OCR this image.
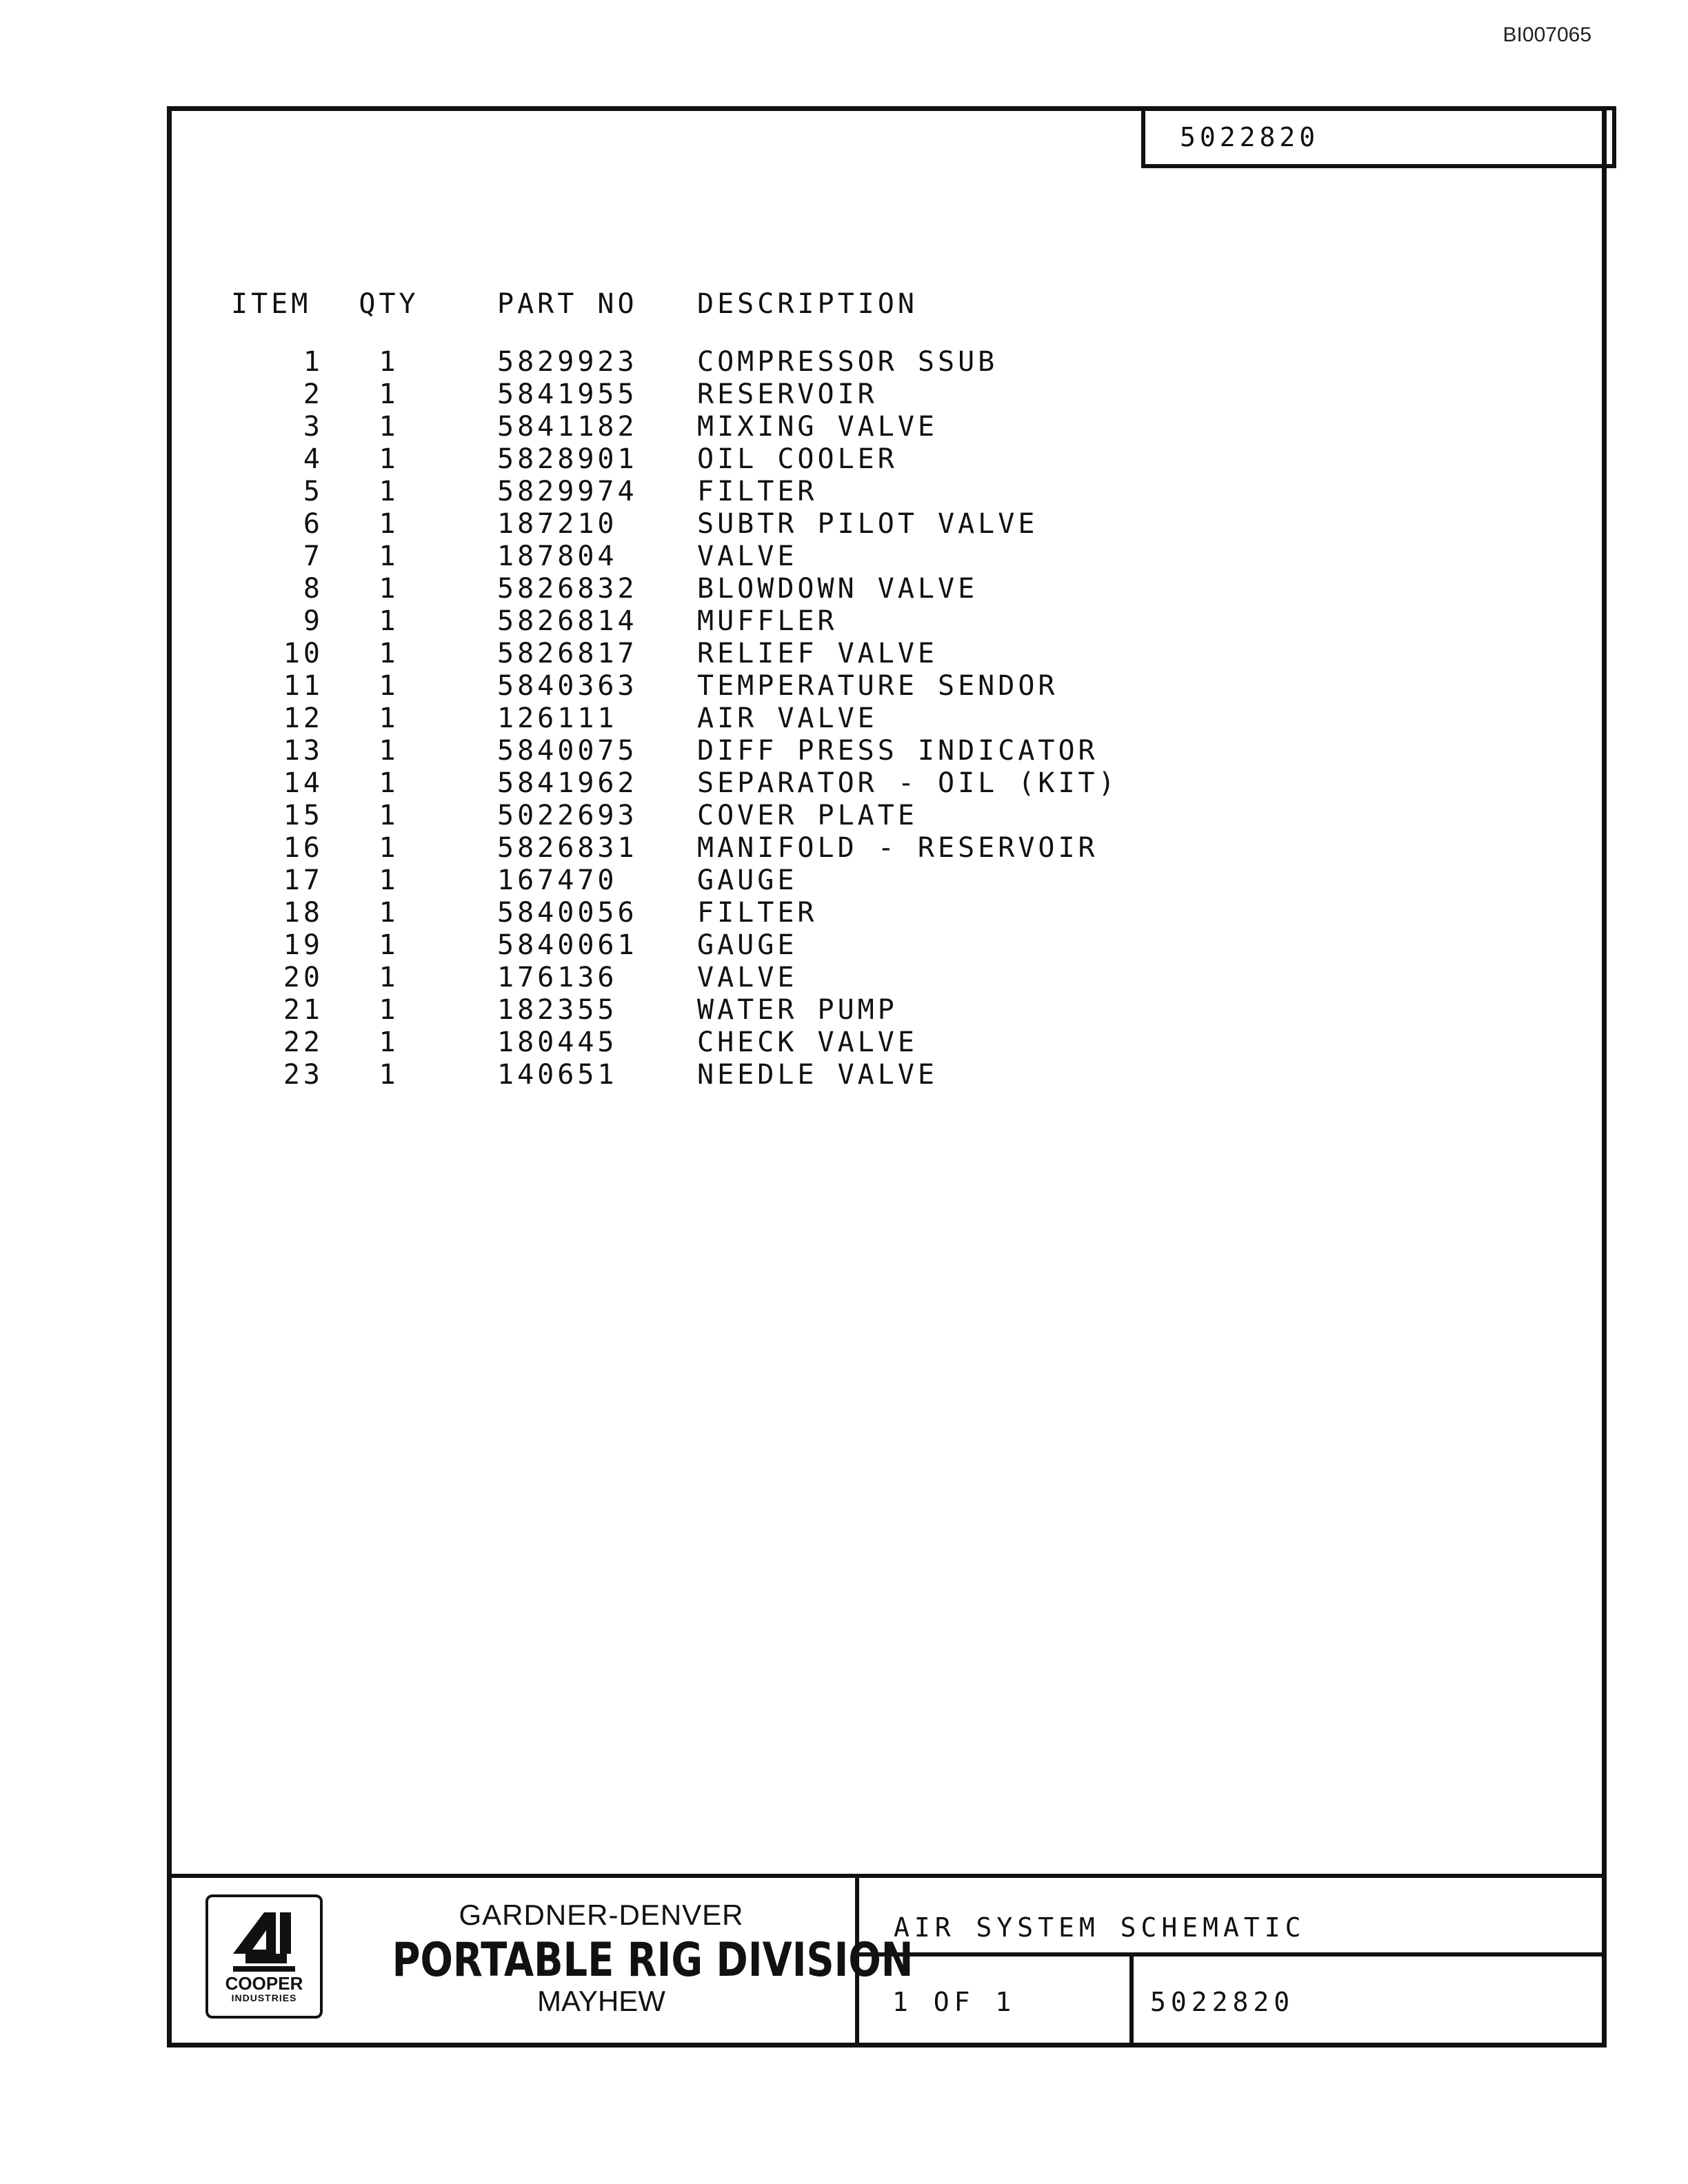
BI007065
5022820
ITEM	QTY	PART NO	DESCRIPTION
1	1	5829923	COMPRESSOR SSUB
2	1	5841955	RESERVOIR
3	1	5841182	MIXING VALVE
4	1	5828901	OIL COOLER
5	1	5829974	FILTER
6	1	187210	SUBTR PILOT VALVE
7	1	187804	VALVE
8	1	5826832	BLOWDOWN VALVE
9	1	5826814	MUFFLER
10	1	5826817	RELIEF VALVE
11	1	5840363	TEMPERATURE SENDOR
12	1	126111	AIR VALVE
13	1	5840075	DIFF PRESS INDICATOR
14	1	5841962	SEPARATOR - OIL (KIT)
15	1	5022693	COVER PLATE
16	1	5826831	MANIFOLD - RESERVOIR
17	1	167470	GAUGE
18	1	5840056	FILTER
19	1	5840061	GAUGE
20	1	176136	VALVE
21	1	182355	WATER PUMP
22	1	180445	CHECK VALVE
23	1	140651	NEEDLE VALVE
COOPER
INDUSTRIES
GARDNER-DENVER
PORTABLE RIG DIVISION
MAYHEW
AIR SYSTEM SCHEMATIC
1 OF 1	5022820
